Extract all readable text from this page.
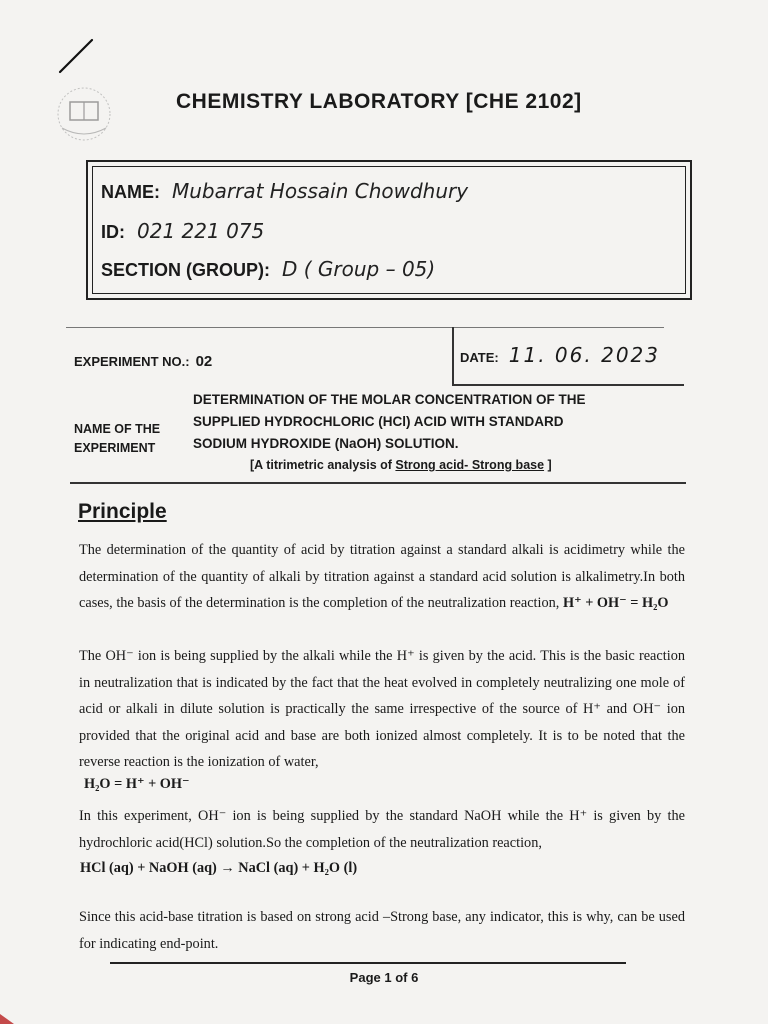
CHEMISTRY LABORATORY [CHE 2102]
NAME: Mubarrat Hossain Chowdhury
ID: 021 221 075
SECTION (GROUP): D ( Group – 05)
EXPERIMENT NO.: 02	DATE: 11. 06. 2023
NAME OF THE
EXPERIMENT
DETERMINATION OF THE MOLAR CONCENTRATION OF THE
SUPPLIED HYDROCHLORIC (HCl) ACID WITH STANDARD
SODIUM HYDROXIDE (NaOH) SOLUTION.
[A titrimetric analysis of Strong acid- Strong base ]
Principle
The determination of the quantity of acid by titration against a standard alkali is acidimetry while the determination of the quantity of alkali by titration against a standard acid solution is alkalimetry.In both cases, the basis of the determination is the completion of the neutralization reaction, H⁺ + OH⁻ = H₂O
The OH⁻ ion is being supplied by the alkali while the H⁺ is given by the acid. This is the basic reaction in neutralization that is indicated by the fact that the heat evolved in completely neutralizing one mole of acid or alkali in dilute solution is practically the same irrespective of the source of H⁺ and OH⁻ ion provided that the original acid and base are both ionized almost completely. It is to be noted that the reverse reaction is the ionization of water,
H₂O = H⁺ + OH⁻
In this experiment, OH⁻ ion is being supplied by the standard NaOH while the H⁺ is given by the hydrochloric acid(HCl) solution.So the completion of the neutralization reaction,
HCl (aq) + NaOH (aq) → NaCl (aq) + H₂O (l)
Since this acid-base titration is based on strong acid –Strong base, any indicator, this is why, can be used for indicating end-point.
Page 1 of 6
